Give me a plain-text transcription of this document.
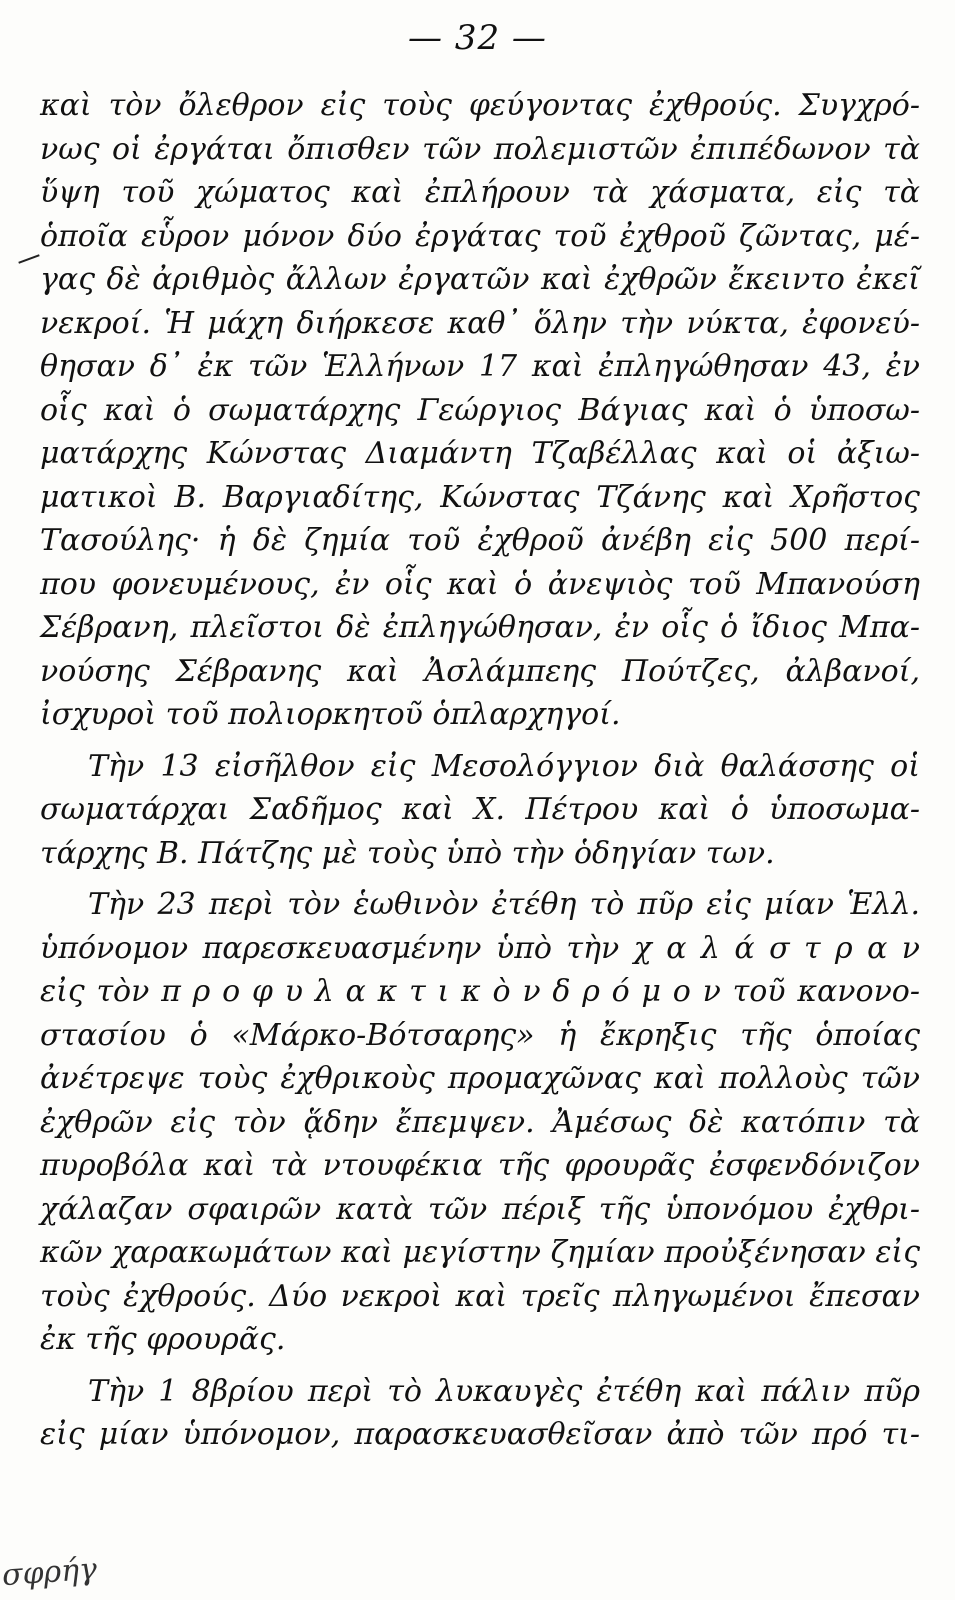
— 32 —
καὶ τὸν ὄλεθρον εἰς τοὺς φεύγοντας ἐχθρούς. Συγχρό-
νως οἱ ἐργάται ὄπισθεν τῶν πολεμιστῶν ἐπιπέδωνον τὰ
ὕψη τοῦ χώματος καὶ ἐπλήρουν τὰ χάσματα, εἰς τὰ
ὁποῖα εὗρον μόνον δύο ἐργάτας τοῦ ἐχθροῦ ζῶντας, μέ-
γας δὲ ἀριθμὸς ἄλλων ἐργατῶν καὶ ἐχθρῶν ἔκειντο ἐκεῖ
νεκροί. Ἡ μάχη διήρκεσε καθ᾿ ὅλην τὴν νύκτα, ἐφονεύ-
θησαν δ᾿ ἐκ τῶν Ἑλλήνων 17 καὶ ἐπληγώθησαν 43, ἐν
οἷς καὶ ὁ σωματάρχης Γεώργιος Βάγιας καὶ ὁ ὑποσω-
ματάρχης Κώνστας Διαμάντη Τζαβέλλας καὶ οἱ ἀξιω-
ματικοὶ Β. Βαργιαδίτης, Κώνστας Τζάνης καὶ Χρῆστος
Τασούλης· ἡ δὲ ζημία τοῦ ἐχθροῦ ἀνέβη εἰς 500 περί-
που φονευμένους, ἐν οἷς καὶ ὁ ἀνεψιὸς τοῦ Μπανούση
Σέβρανη, πλεῖστοι δὲ ἐπληγώθησαν, ἐν οἷς ὁ ἴδιος Μπα-
νούσης Σέβρανης καὶ Ἀσλάμπεης Πούτζες, ἀλβανοί,
ἰσχυροὶ τοῦ πολιορκητοῦ ὁπλαρχηγοί.
Τὴν 13 εἰσῆλθον εἰς Μεσολόγγιον διὰ θαλάσσης οἱ
σωματάρχαι Σαδῆμος καὶ Χ. Πέτρου καὶ ὁ ὑποσωμα-
τάρχης Β. Πάτζης μὲ τοὺς ὑπὸ τὴν ὁδηγίαν των.
Τὴν 23 περὶ τὸν ἑωθινὸν ἐτέθη τὸ πῦρ εἰς μίαν Ἑλλ.
ὑπόνομον παρεσκευασμένην ὑπὸ τὴν χ α λ ά σ τ ρ α ν
εἰς τὸν π ρ ο φ υ λ α κ τ ι κ ὸ ν δ ρ ό μ ο ν τοῦ κανονο-
στασίου ὁ «Μάρκο-Βότσαρης» ἡ ἔκρηξις τῆς ὁποίας
ἀνέτρεψε τοὺς ἐχθρικοὺς προμαχῶνας καὶ πολλοὺς τῶν
ἐχθρῶν εἰς τὸν ᾅδην ἔπεμψεν. Ἀμέσως δὲ κατόπιν τὰ
πυροβόλα καὶ τὰ ντουφέκια τῆς φρουρᾶς ἐσφενδόνιζον
χάλαζαν σφαιρῶν κατὰ τῶν πέριξ τῆς ὑπονόμου ἐχθρι-
κῶν χαρακωμάτων καὶ μεγίστην ζημίαν προὐξένησαν εἰς
τοὺς ἐχθρούς. Δύο νεκροὶ καὶ τρεῖς πληγωμένοι ἔπεσαν
ἐκ τῆς φρουρᾶς.
Τὴν 1 8βρίου περὶ τὸ λυκαυγὲς ἐτέθη καὶ πάλιν πῦρ
εἰς μίαν ὑπόνομον, παρασκευασθεῖσαν ἀπὸ τῶν πρό τι-
σφρήγ
